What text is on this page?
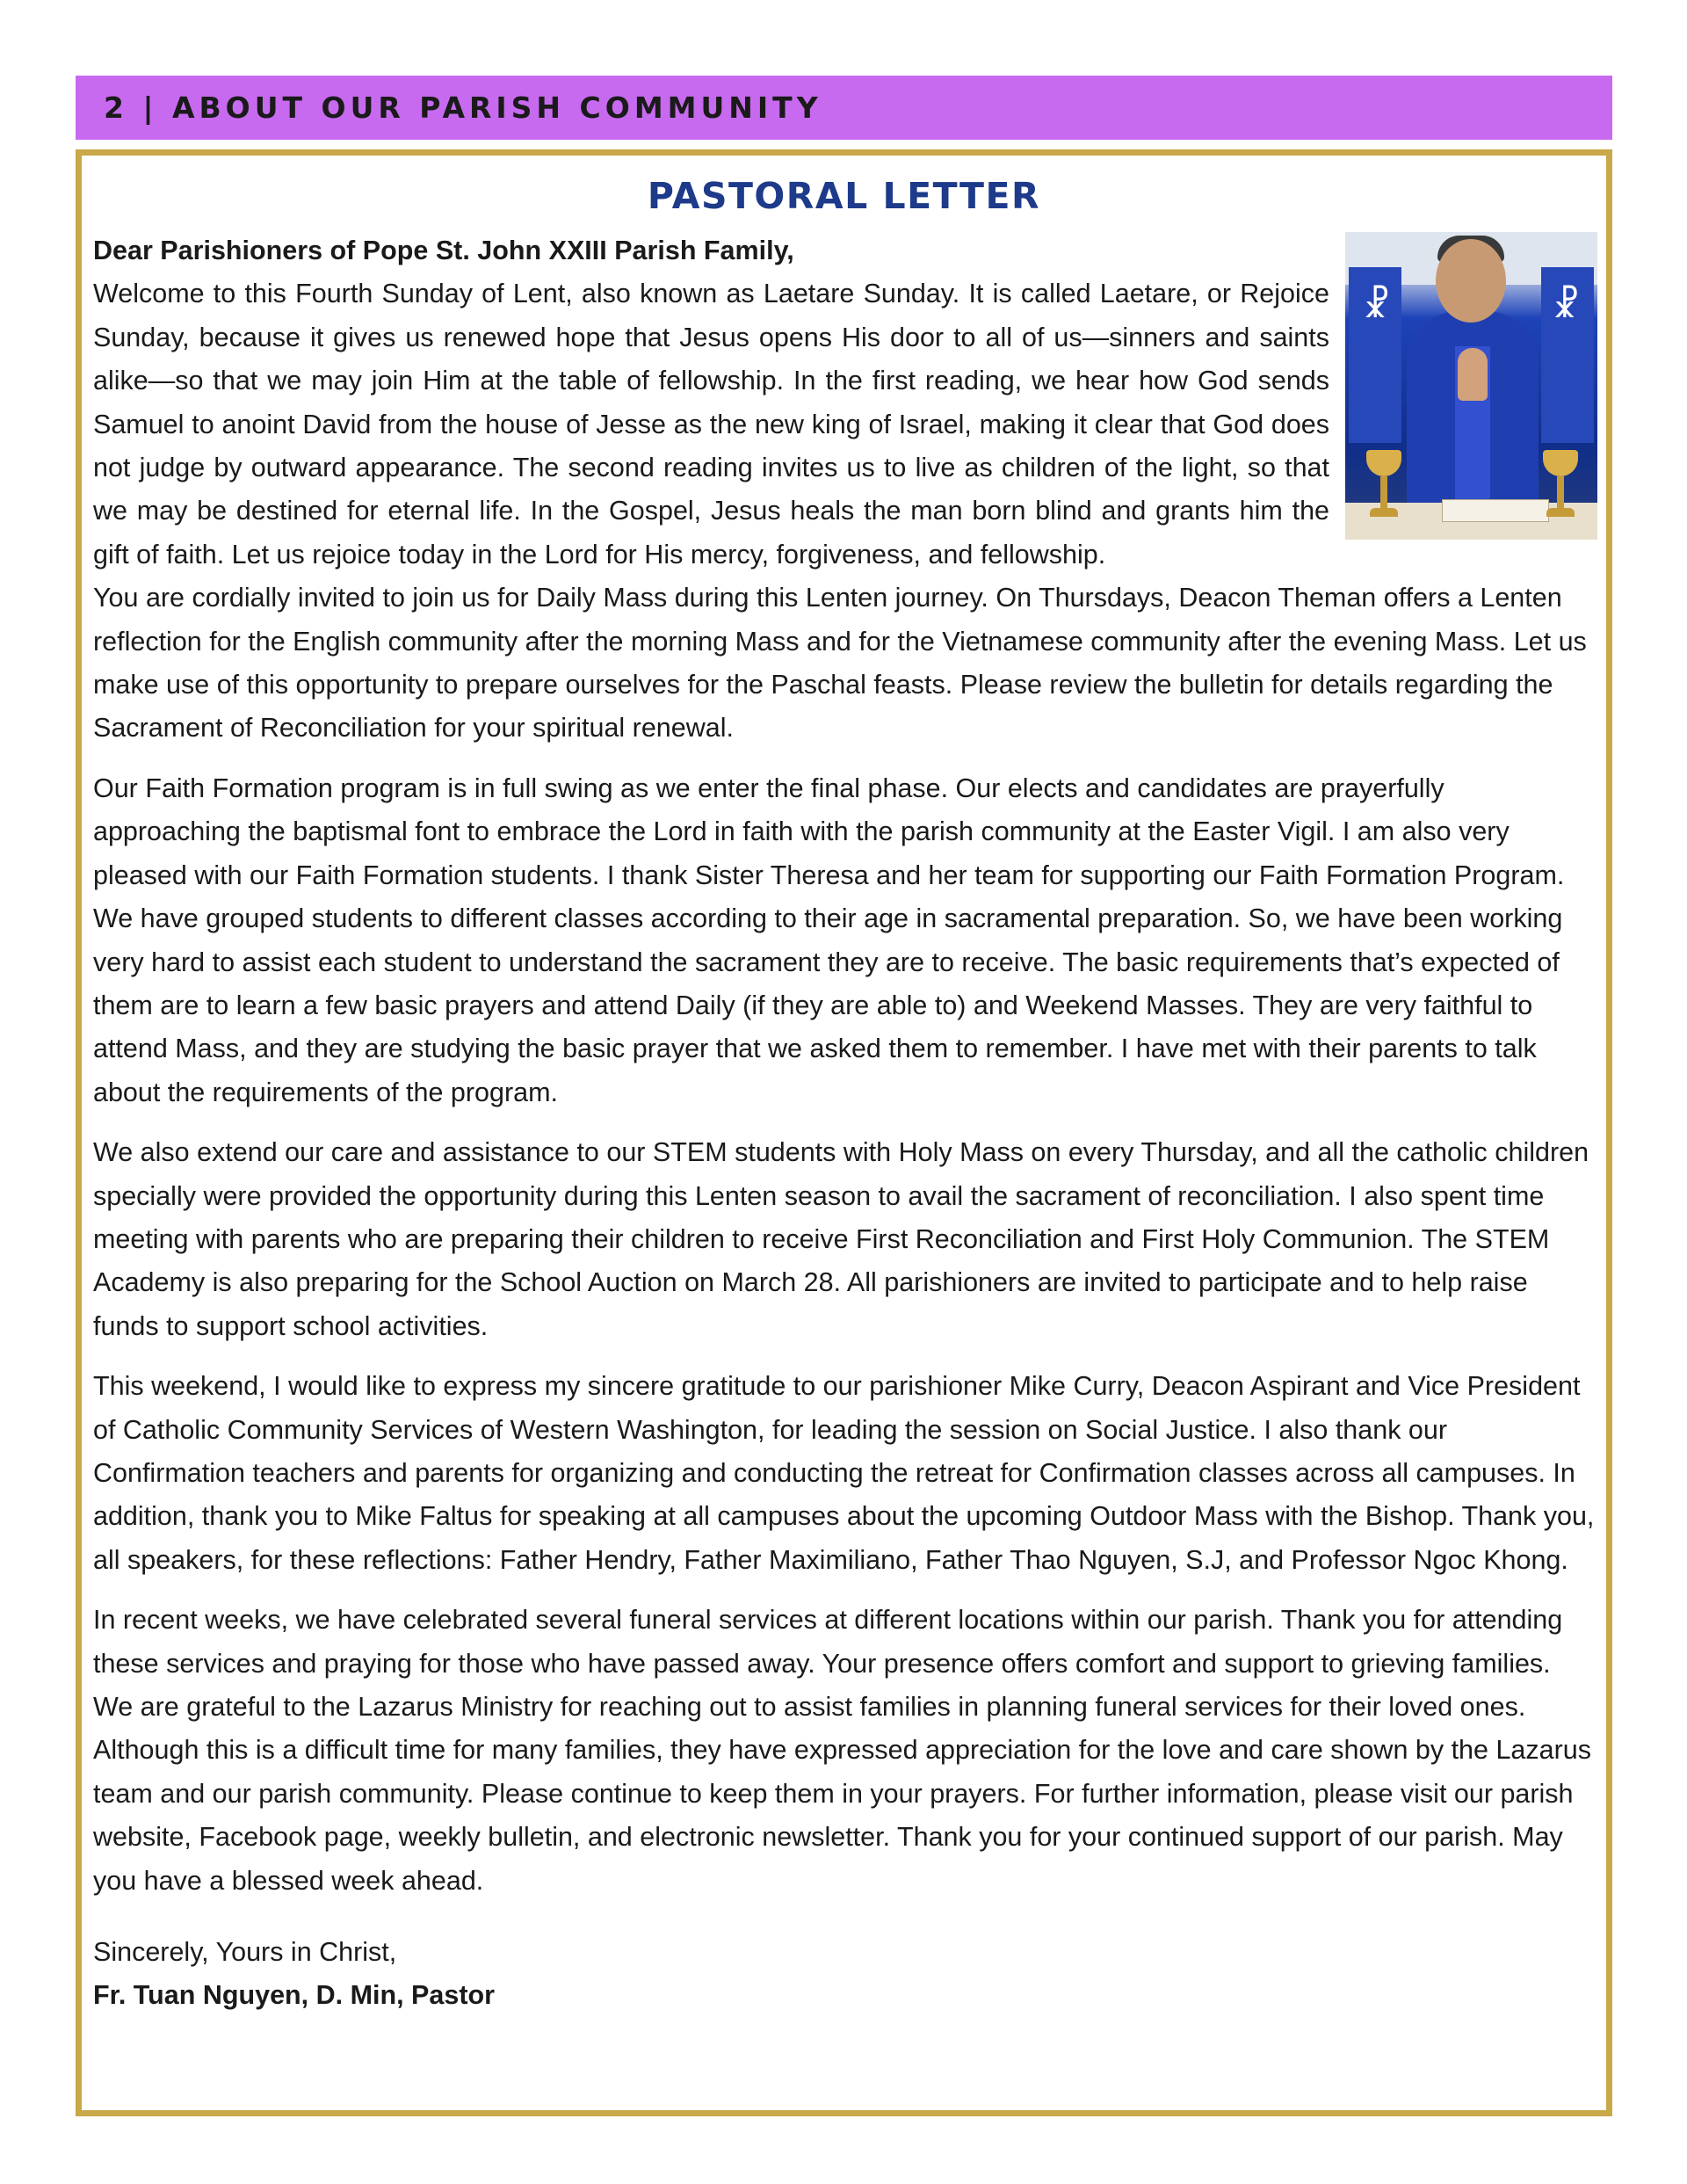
2 | ABOUT OUR PARISH COMMUNITY
PASTORAL LETTER
☧	☧

Dear Parishioners of Pope St. John XXIII Parish Family,

Welcome to this Fourth Sunday of Lent, also known as Laetare Sunday. It is called Laetare, or Rejoice Sunday, because it gives us renewed hope that Jesus opens His door to all of us—sinners and saints alike—so that we may join Him at the table of fellowship. In the first reading, we hear how God sends Samuel to anoint David from the house of Jesse as the new king of Israel, making it clear that God does not judge by outward appearance. The second reading invites us to live as children of the light, so that we may be destined for eternal life. In the Gospel, Jesus heals the man born blind and grants him the gift of faith. Let us rejoice today in the Lord for His mercy, forgiveness, and fellowship.

You are cordially invited to join us for Daily Mass during this Lenten journey. On Thursdays, Deacon Theman offers a Lenten reflection for the English community after the morning Mass and for the Vietnamese community after the evening Mass. Let us make use of this opportunity to prepare ourselves for the Paschal feasts. Please review the bulletin for details regarding the Sacrament of Reconciliation for your spiritual renewal.

Our Faith Formation program is in full swing as we enter the final phase. Our elects and candidates are prayerfully approaching the baptismal font to embrace the Lord in faith with the parish community at the Easter Vigil. I am also very pleased with our Faith Formation students. I thank Sister Theresa and her team for supporting our Faith Formation Program. We have grouped students to different classes according to their age in sacramental preparation. So, we have been working very hard to assist each student to understand the sacrament they are to receive. The basic requirements that’s expected of them are to learn a few basic prayers and attend Daily (if they are able to) and Weekend Masses. They are very faithful to attend Mass, and they are studying the basic prayer that we asked them to remember. I have met with their parents to talk about the requirements of the program.

We also extend our care and assistance to our STEM students with Holy Mass on every Thursday, and all the catholic children specially were provided the opportunity during this Lenten season to avail the sacrament of reconciliation. I also spent time meeting with parents who are preparing their children to receive First Reconciliation and First Holy Communion. The STEM Academy is also preparing for the School Auction on March 28. All parishioners are invited to participate and to help raise funds to support school activities.

This weekend, I would like to express my sincere gratitude to our parishioner Mike Curry, Deacon Aspirant and Vice President of Catholic Community Services of Western Washington, for leading the session on Social Justice. I also thank our Confirmation teachers and parents for organizing and conducting the retreat for Confirmation classes across all campuses. In addition, thank you to Mike Faltus for speaking at all campuses about the upcoming Outdoor Mass with the Bishop. Thank you, all speakers, for these reflections: Father Hendry, Father Maximiliano, Father Thao Nguyen, S.J, and Professor Ngoc Khong.

In recent weeks, we have celebrated several funeral services at different locations within our parish. Thank you for attending these services and praying for those who have passed away. Your presence offers comfort and support to grieving families. We are grateful to the Lazarus Ministry for reaching out to assist families in planning funeral services for their loved ones. Although this is a difficult time for many families, they have expressed appreciation for the love and care shown by the Lazarus team and our parish community. Please continue to keep them in your prayers. For further information, please visit our parish website, Facebook page, weekly bulletin, and electronic newsletter. Thank you for your continued support of our parish. May you have a blessed week ahead.

Sincerely, Yours in Christ,

Fr. Tuan Nguyen, D. Min, Pastor
